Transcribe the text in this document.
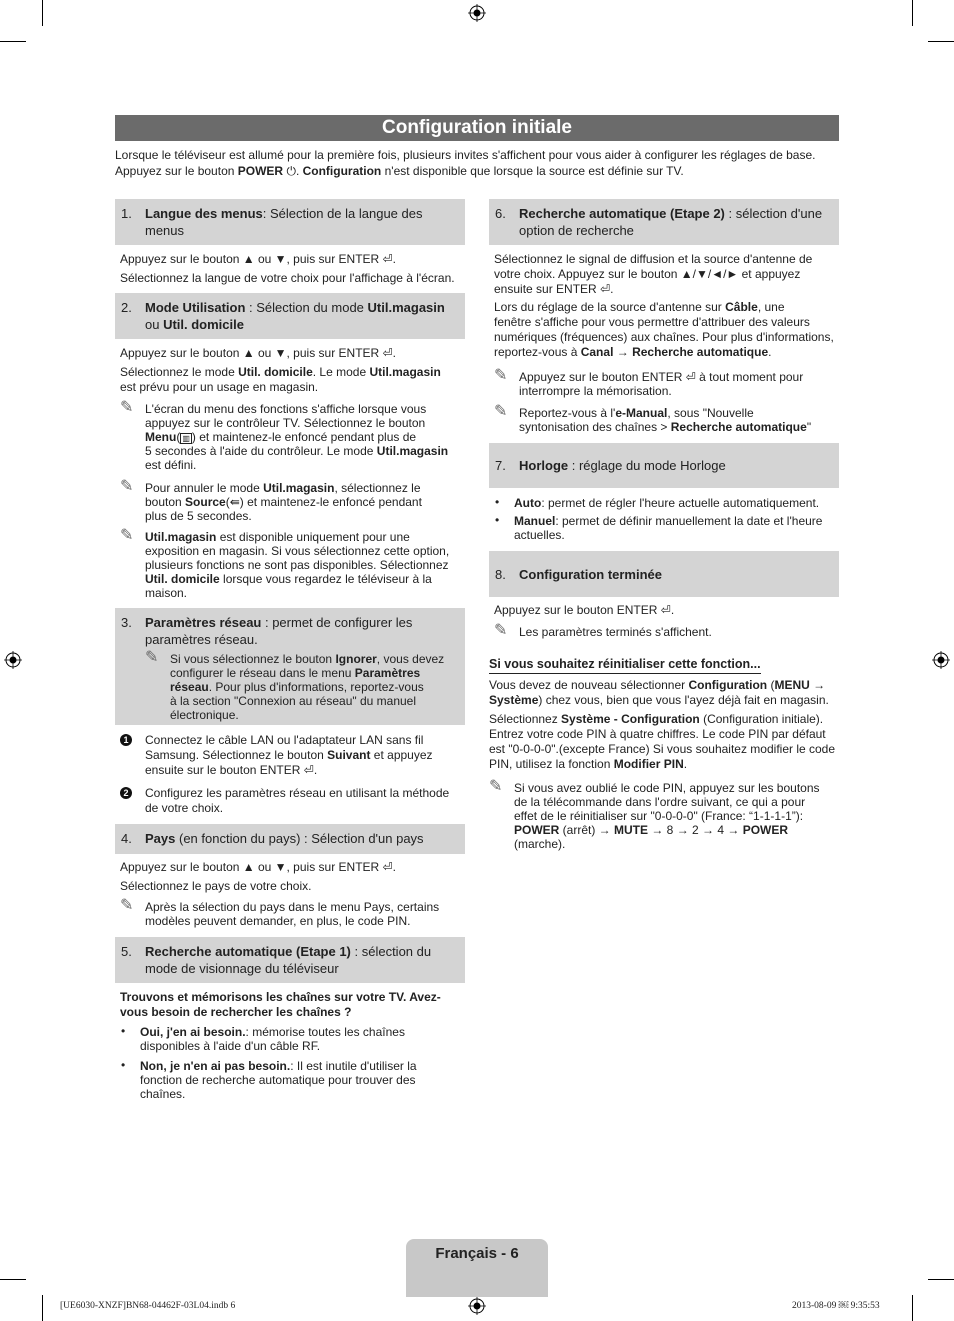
Configuration initiale
Lorsque le téléviseur est allumé pour la première fois, plusieurs invites s'affichent pour vous aider à configurer les réglages de base.
Appuyez sur le bouton POWER ⏻. Configuration n'est disponible que lorsque la source est définie sur TV.
1. Langue des menus: Sélection de la langue des menus
Appuyez sur le bouton ▲ ou ▼, puis sur ENTER ⏎.
Sélectionnez la langue de votre choix pour l'affichage à l'écran.
2. Mode Utilisation : Sélection du mode Util.magasin ou Util. domicile
Appuyez sur le bouton ▲ ou ▼, puis sur ENTER ⏎.
Sélectionnez le mode Util. domicile. Le mode Util.magasin
est prévu pour un usage en magasin.
✎ L'écran du menu des fonctions s'affiche lorsque vous
appuyez sur le contrôleur TV. Sélectionnez le bouton
Menu( ▥ ) et maintenez-le enfoncé pendant plus de
5 secondes à l'aide du contrôleur. Le mode Util.magasin
est défini.
✎ Pour annuler le mode Util.magasin, sélectionnez le
bouton Source(⇚) et maintenez-le enfoncé pendant
plus de 5 secondes.
✎ Util.magasin est disponible uniquement pour une
exposition en magasin. Si vous sélectionnez cette option,
plusieurs fonctions ne sont pas disponibles. Sélectionnez
Util. domicile lorsque vous regardez le téléviseur à la
maison.
3. Paramètres réseau : permet de configurer les paramètres réseau.
✎ Si vous sélectionnez le bouton Ignorer, vous devez
configurer le réseau dans le menu Paramètres
réseau. Pour plus d'informations, reportez-vous
à la section "Connexion au réseau" du manuel
électronique.
1 Connectez le câble LAN ou l'adaptateur LAN sans fil
Samsung. Sélectionnez le bouton Suivant et appuyez
ensuite sur le bouton ENTER ⏎.
2 Configurez les paramètres réseau en utilisant la méthode
de votre choix.
4. Pays (en fonction du pays) : Sélection d'un pays
Appuyez sur le bouton ▲ ou ▼, puis sur ENTER ⏎.
Sélectionnez le pays de votre choix.
✎ Après la sélection du pays dans le menu Pays, certains
modèles peuvent demander, en plus, le code PIN.
5. Recherche automatique (Etape 1) : sélection du mode de visionnage du téléviseur
Trouvons et mémorisons les chaînes sur votre TV. Avez-
vous besoin de rechercher les chaînes ?
• Oui, j'en ai besoin.: mémorise toutes les chaînes
disponibles à l'aide d'un câble RF.
• Non, je n'en ai pas besoin.: Il est inutile d'utiliser la
fonction de recherche automatique pour trouver des
chaînes.
6. Recherche automatique (Etape 2) : sélection d'une option de recherche
Sélectionnez le signal de diffusion et la source d'antenne de
votre choix. Appuyez sur le bouton ▲/▼/◄/► et appuyez
ensuite sur ENTER ⏎.
Lors du réglage de la source d'antenne sur Câble, une
fenêtre s'affiche pour vous permettre d'attribuer des valeurs
numériques (fréquences) aux chaînes. Pour plus d'informations,
reportez-vous à Canal → Recherche automatique.
✎ Appuyez sur le bouton ENTER ⏎ à tout moment pour
interrompre la mémorisation.
✎ Reportez-vous à l'e-Manual, sous "Nouvelle
syntonisation des chaînes > Recherche automatique"
7. Horloge : réglage du mode Horloge
• Auto: permet de régler l'heure actuelle automatiquement.
• Manuel: permet de définir manuellement la date et l'heure
actuelles.
8. Configuration terminée
Appuyez sur le bouton ENTER ⏎.
✎ Les paramètres terminés s'affichent.
Si vous souhaitez réinitialiser cette fonction...
Vous devez de nouveau sélectionner Configuration (MENU →
Système) chez vous, bien que vous l'ayez déjà fait en magasin.
Sélectionnez Système - Configuration (Configuration initiale).
Entrez votre code PIN à quatre chiffres. Le code PIN par défaut
est "0-0-0-0".(excepte France) Si vous souhaitez modifier le code
PIN, utilisez la fonction Modifier PIN.
✎ Si vous avez oublié le code PIN, appuyez sur les boutons
de la télécommande dans l'ordre suivant, ce qui a pour
effet de le réinitialiser sur "0-0-0-0" (France: “1-1-1-1”):
POWER (arrêt) → MUTE → 8 → 2 → 4 → POWER
(marche).
Français - 6
[UE6030-XNZF]BN68-04462F-03L04.indb 6	2013-08-09 ￼ 9:35:53
